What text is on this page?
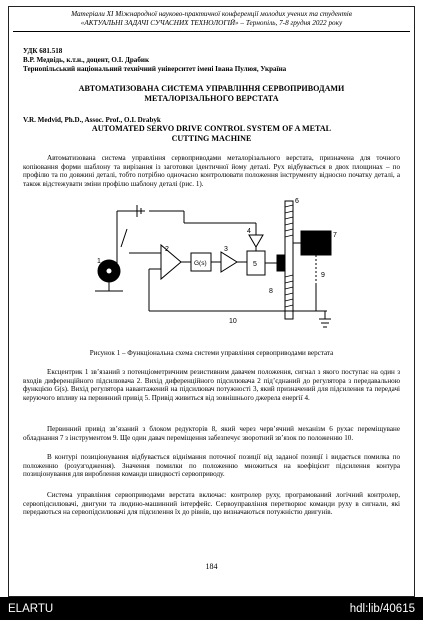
Матеріали XI Міжнародної науково-практичної конференції молодих учених та студентів
«АКТУАЛЬНІ ЗАДАЧІ СУЧАСНИХ ТЕХНОЛОГІЙ» – Тернопіль, 7-8 грудня 2022 року
УДК 681.518
В.Р. Медвідь, к.т.н., доцент, О.І. Драбик
Тернопільський національний технічний університет імені Івана Пулюя, Україна
АВТОМАТИЗОВАНА СИСТЕМА УПРАВЛІННЯ СЕРВОПРИВОДАМИ МЕТАЛОРІЗАЛЬНОГО ВЕРСТАТА
V.R. Medvid, Ph.D., Assoc. Prof., O.I. Drabyk
AUTOMATED SERVO DRIVE CONTROL SYSTEM OF A METAL CUTTING MACHINE
Автоматизована система управління сервоприводами металорізального верстата, призначена для точного копіювання форми шаблону та вирізання із заготовки ідентичної йому деталі. Рух відбувається в двох площинах – по профілю та по довжині деталі, тобто потрібно одночасно контролювати положення інструменту відносно початку деталі, а також відстежувати зміни профілю шаблону деталі (рис. 1).
1
2
G(s)
3
4
5
6
7
8
9
10
Рисунок 1 – Функціональна схема системи управління сервоприводами верстата
Ексцентрик 1 зв’язаний з потенціометричним резистивним давачем положення, сигнал з якого поступає на один з входів диференційного підсилювача 2. Вихід диференційного підсилювача 2 під’єднаний до регулятора з передавальною функцією G(s). Вихід регулятора навантажений на підсилювач потужності 3, який призначений для підсилення та передачі керуючого впливу на первинний привід 5. Привід живиться від зовнішнього джерела енергії 4.
Первинний привід зв’язаний з блоком редукторів 8, який через черв’ячний механізм 6 рухає переміщуване обладнання 7 з інструментом 9. Ще один давач переміщення забезпечує зворотний зв’язок по положенню 10.
В контурі позиціонування відбувається віднімання поточної позиції від заданої позиції і видається помилка по положенню (розузгодження). Значення помилки по положенню множиться на коефіцієнт підсилення контура позиціонування для вироблення команди швидкості сервоприводу.
Система управління сервоприводами верстата включає: контролер руху, програмований логічний контролер, сервопідсилювачі, двигуни та людино-машинний інтерфейс. Сервоуправління перетворює команди руху в сигнали, які передаються на сервопідсилювачі для підсилення їх до рівнів, що визначаються потужністю двигунів.
184
ELARTU	hdl:lib/40615
